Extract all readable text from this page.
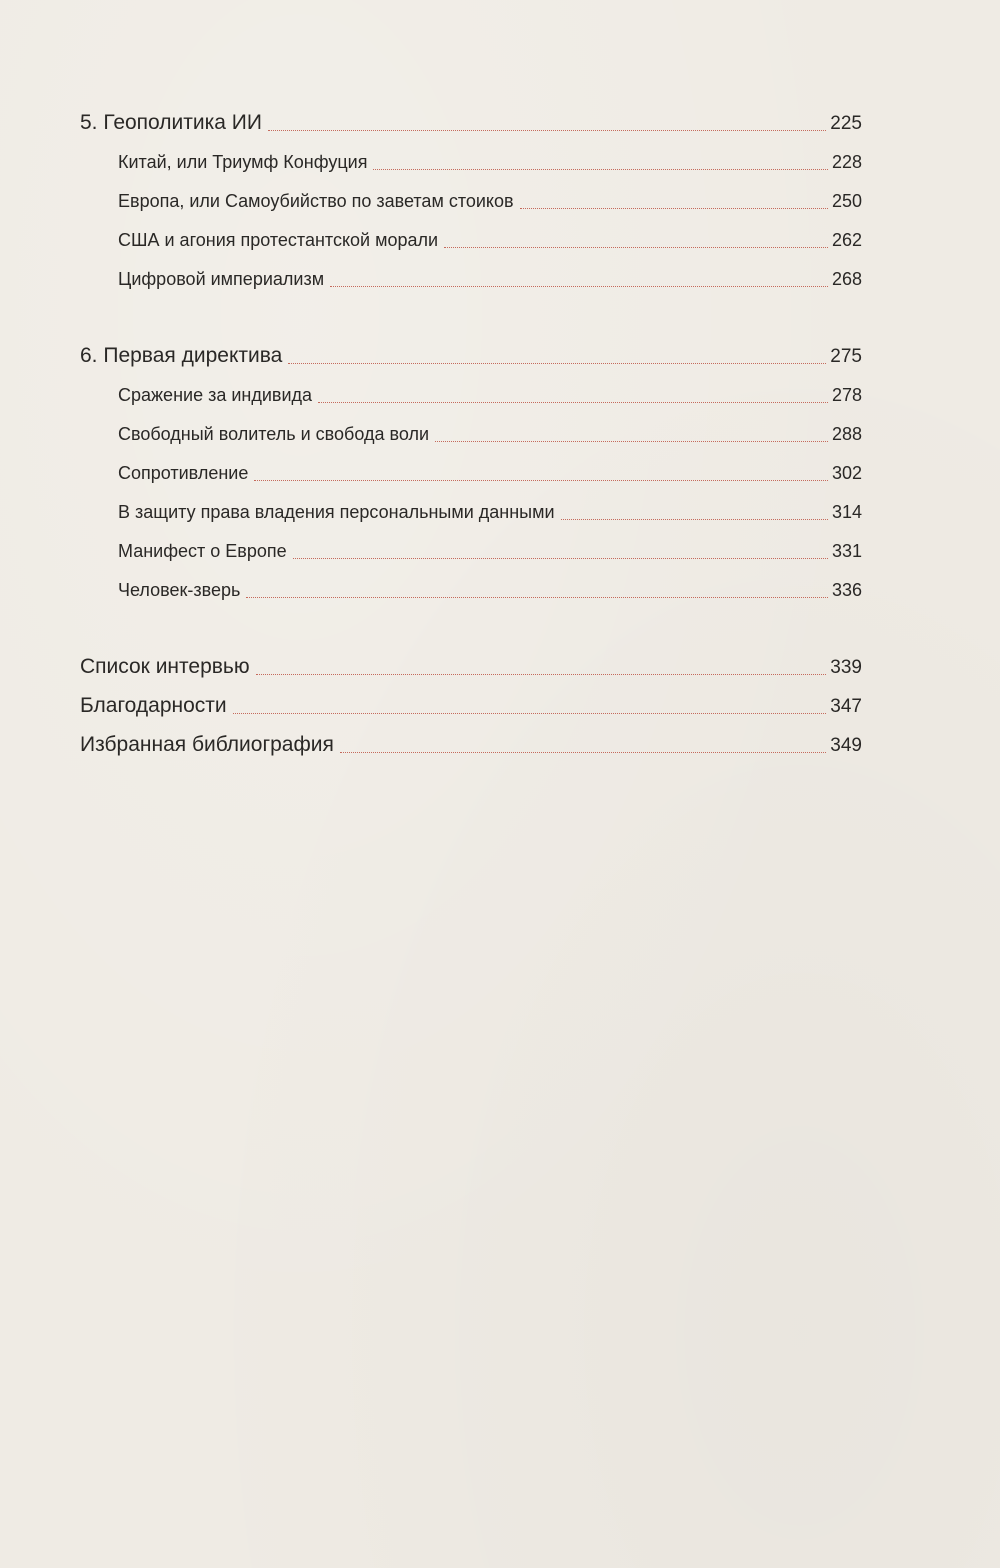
5. Геополитика ИИ	225
Китай, или Триумф Конфуция	228
Европа, или Самоубийство по заветам стоиков	250
США и агония протестантской морали	262
Цифровой империализм	268
6. Первая директива	275
Сражение за индивида	278
Свободный волитель и свобода воли	288
Сопротивление	302
В защиту права владения персональными данными	314
Манифест о Европе	331
Человек-зверь	336
Список интервью	339
Благодарности	347
Избранная библиография	349
